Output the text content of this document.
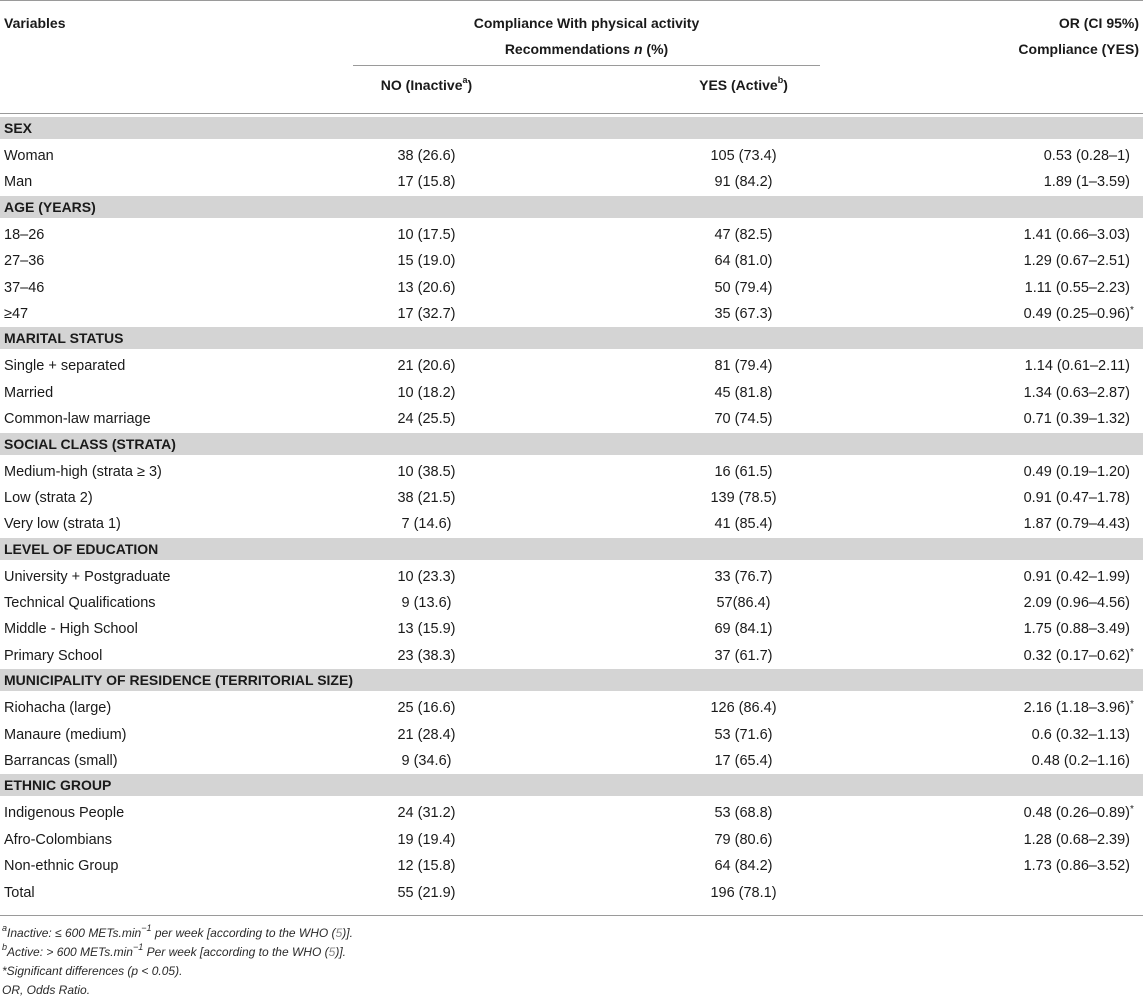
Variables	Compliance With physical activity
Recommendations n (%)
NO (Inactive$^a$)	YES (Active$^b$)
OR (CI 95%)
Compliance (YES)
SEX
Woman	38 (26.6)	105 (73.4)	0.53 (0.28–1)
Man	17 (15.8)	91 (84.2)	1.89 (1–3.59)
AGE (YEARS)
18–26	10 (17.5)	47 (82.5)	1.41 (0.66–3.03)
27–36	15 (19.0)	64 (81.0)	1.29 (0.67–2.51)
37–46	13 (20.6)	50 (79.4)	1.11 (0.55–2.23)
≥47	17 (32.7)	35 (67.3)	0.49 (0.25–0.96) *
MARITAL STATUS
Single + separated	21 (20.6)	81 (79.4)	1.14 (0.61–2.11)
Married	10 (18.2)	45 (81.8)	1.34 (0.63–2.87)
Common-law marriage	24 (25.5)	70 (74.5)	0.71 (0.39–1.32)
SOCIAL CLASS (STRATA)
Medium-high (strata ≥ 3)	10 (38.5)	16 (61.5)	0.49 (0.19–1.20)
Low (strata 2)	38 (21.5)	139 (78.5)	0.91 (0.47–1.78)
Very low (strata 1)	7 (14.6)	41 (85.4)	1.87 (0.79–4.43)
LEVEL OF EDUCATION
University + Postgraduate	10 (23.3)	33 (76.7)	0.91 (0.42–1.99)
Technical Qualifications	9 (13.6)	57(86.4)	2.09 (0.96–4.56)
Middle - High School	13 (15.9)	69 (84.1)	1.75 (0.88–3.49)
Primary School	23 (38.3)	37 (61.7)	0.32 (0.17–0.62) *
MUNICIPALITY OF RESIDENCE (TERRITORIAL SIZE)
Riohacha (large)	25 (16.6)	126 (86.4)	2.16 (1.18–3.96) *
Manaure (medium)	21 (28.4)	53 (71.6)	0.6 (0.32–1.13)
Barrancas (small)	9 (34.6)	17 (65.4)	0.48 (0.2–1.16)
ETHNIC GROUP
Indigenous People	24 (31.2)	53 (68.8)	0.48 (0.26–0.89) *
Afro-Colombians	19 (19.4)	79 (80.6)	1.28 (0.68–2.39)
Non-ethnic Group	12 (15.8)	64 (84.2)	1.73 (0.86–3.52)
Total	55 (21.9)	196 (78.1)
$^a$Inactive: ≤ 600 $METs.\min^{-1}$ per week [according to the WHO (5)].
$^b$Active: > 600 $METs.\min^{-1}$ Per week [according to the WHO (5)].
*Significant differences (p < 0.05).
OR, Odds Ratio.
